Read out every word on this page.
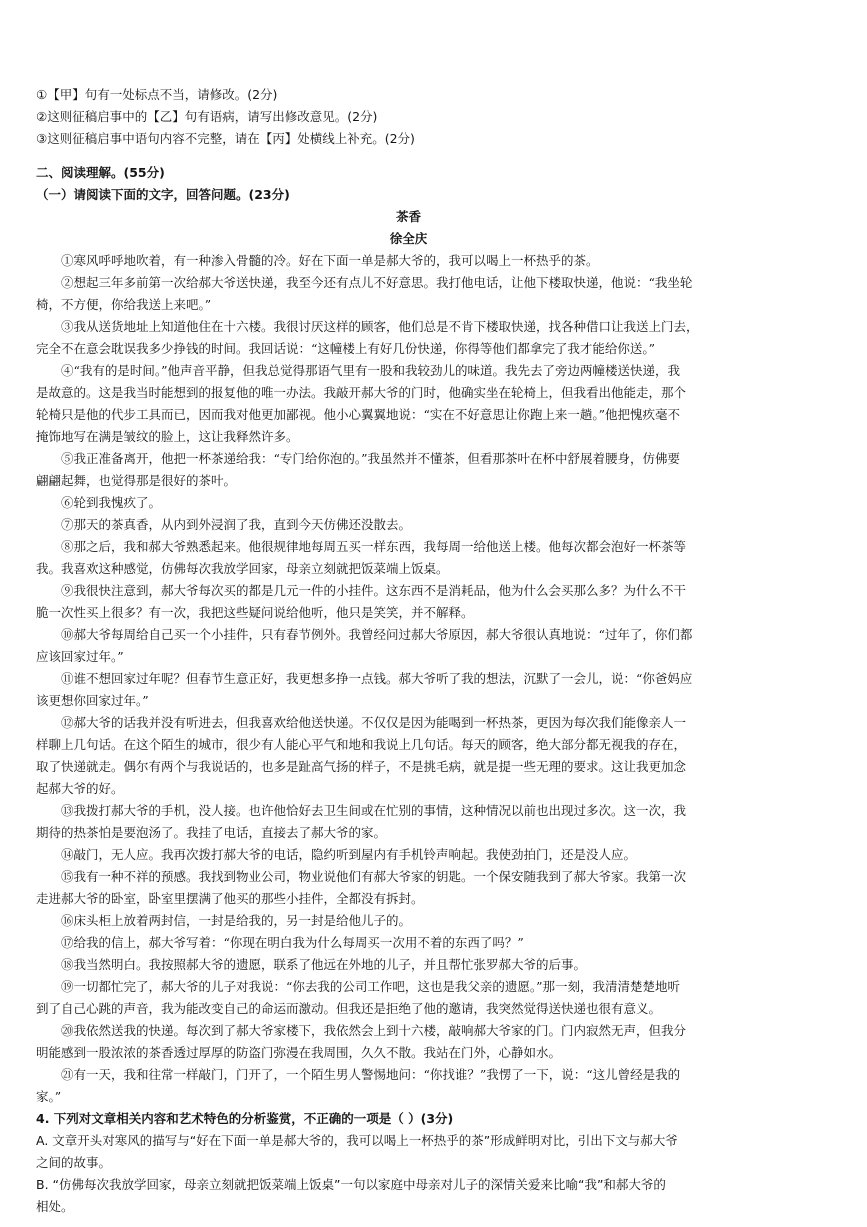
①【甲】句有一处标点不当，请修改。(2分)
②这则征稿启事中的【乙】句有语病，请写出修改意见。(2分)
③这则征稿启事中语句内容不完整，请在【丙】处横线上补充。(2分)
二、阅读理解。(55分)
（一）请阅读下面的文字，回答问题。(23分)
茶香
徐全庆
①寒风呼呼地吹着，有一种渗入骨髓的冷。好在下面一单是郝大爷的，我可以喝上一杯热乎的茶。
②想起三年多前第一次给郝大爷送快递，我至今还有点儿不好意思。我打他电话，让他下楼取快递，他说：“我坐轮
椅，不方便，你给我送上来吧。”
③我从送货地址上知道他住在十六楼。我很讨厌这样的顾客，他们总是不肯下楼取快递，找各种借口让我送上门去，
完全不在意会耽误我多少挣钱的时间。我回话说：“这幢楼上有好几份快递，你得等他们都拿完了我才能给你送。”
④“我有的是时间。”他声音平静，但我总觉得那语气里有一股和我较劲儿的味道。我先去了旁边两幢楼送快递，我
是故意的。这是我当时能想到的报复他的唯一办法。我敲开郝大爷的门时，他确实坐在轮椅上，但我看出他能走，那个
轮椅只是他的代步工具而已，因而我对他更加鄙视。他小心翼翼地说：“实在不好意思让你跑上来一趟。”他把愧疚毫不
掩饰地写在满是皱纹的脸上，这让我释然许多。
⑤我正准备离开，他把一杯茶递给我：“专门给你泡的。”我虽然并不懂茶，但看那茶叶在杯中舒展着腰身，仿佛要
翩翩起舞，也觉得那是很好的茶叶。
⑥轮到我愧疚了。
⑦那天的茶真香，从内到外浸润了我，直到今天仿佛还没散去。
⑧那之后，我和郝大爷熟悉起来。他很规律地每周五买一样东西，我每周一给他送上楼。他每次都会泡好一杯茶等
我。我喜欢这种感觉，仿佛每次我放学回家，母亲立刻就把饭菜端上饭桌。
⑨我很快注意到，郝大爷每次买的都是几元一件的小挂件。这东西不是消耗品，他为什么会买那么多？为什么不干
脆一次性买上很多？有一次，我把这些疑问说给他听，他只是笑笑，并不解释。
⑩郝大爷每周给自己买一个小挂件，只有春节例外。我曾经问过郝大爷原因，郝大爷很认真地说：“过年了，你们都
应该回家过年。”
⑪谁不想回家过年呢？但春节生意正好，我更想多挣一点钱。郝大爷听了我的想法，沉默了一会儿，说：“你爸妈应
该更想你回家过年。”
⑫郝大爷的话我并没有听进去，但我喜欢给他送快递。不仅仅是因为能喝到一杯热茶，更因为每次我们能像亲人一
样聊上几句话。在这个陌生的城市，很少有人能心平气和地和我说上几句话。每天的顾客，绝大部分都无视我的存在，
取了快递就走。偶尔有两个与我说话的，也多是趾高气扬的样子，不是挑毛病，就是提一些无理的要求。这让我更加念
起郝大爷的好。
⑬我拨打郝大爷的手机，没人接。也许他恰好去卫生间或在忙别的事情，这种情况以前也出现过多次。这一次，我
期待的热茶怕是要泡汤了。我挂了电话，直接去了郝大爷的家。
⑭敲门，无人应。我再次拨打郝大爷的电话，隐约听到屋内有手机铃声响起。我使劲拍门，还是没人应。
⑮我有一种不祥的预感。我找到物业公司，物业说他们有郝大爷家的钥匙。一个保安随我到了郝大爷家。我第一次
走进郝大爷的卧室，卧室里摆满了他买的那些小挂件，全都没有拆封。
⑯床头柜上放着两封信，一封是给我的，另一封是给他儿子的。
⑰给我的信上，郝大爷写着：“你现在明白我为什么每周买一次用不着的东西了吗？”
⑱我当然明白。我按照郝大爷的遗愿，联系了他远在外地的儿子，并且帮忙张罗郝大爷的后事。
⑲一切都忙完了，郝大爷的儿子对我说：“你去我的公司工作吧，这也是我父亲的遗愿。”那一刻，我清清楚楚地听
到了自己心跳的声音，我为能改变自己的命运而激动。但我还是拒绝了他的邀请，我突然觉得送快递也很有意义。
⑳我依然送我的快递。每次到了郝大爷家楼下，我依然会上到十六楼，敲响郝大爷家的门。门内寂然无声，但我分
明能感到一股浓浓的茶香透过厚厚的防盗门弥漫在我周围，久久不散。我站在门外，心静如水。
㉑有一天，我和往常一样敲门，门开了，一个陌生男人警惕地问：“你找谁？”我愣了一下，说：“这儿曾经是我的
家。”
4. 下列对文章相关内容和艺术特色的分析鉴赏，不正确的一项是（ ）(3分)
A. 文章开头对寒风的描写与“好在下面一单是郝大爷的，我可以喝上一杯热乎的茶”形成鲜明对比，引出下文与郝大爷
之间的故事。
B. “仿佛每次我放学回家，母亲立刻就把饭菜端上饭桌”一句以家庭中母亲对儿子的深情关爱来比喻“我”和郝大爷的
相处。
